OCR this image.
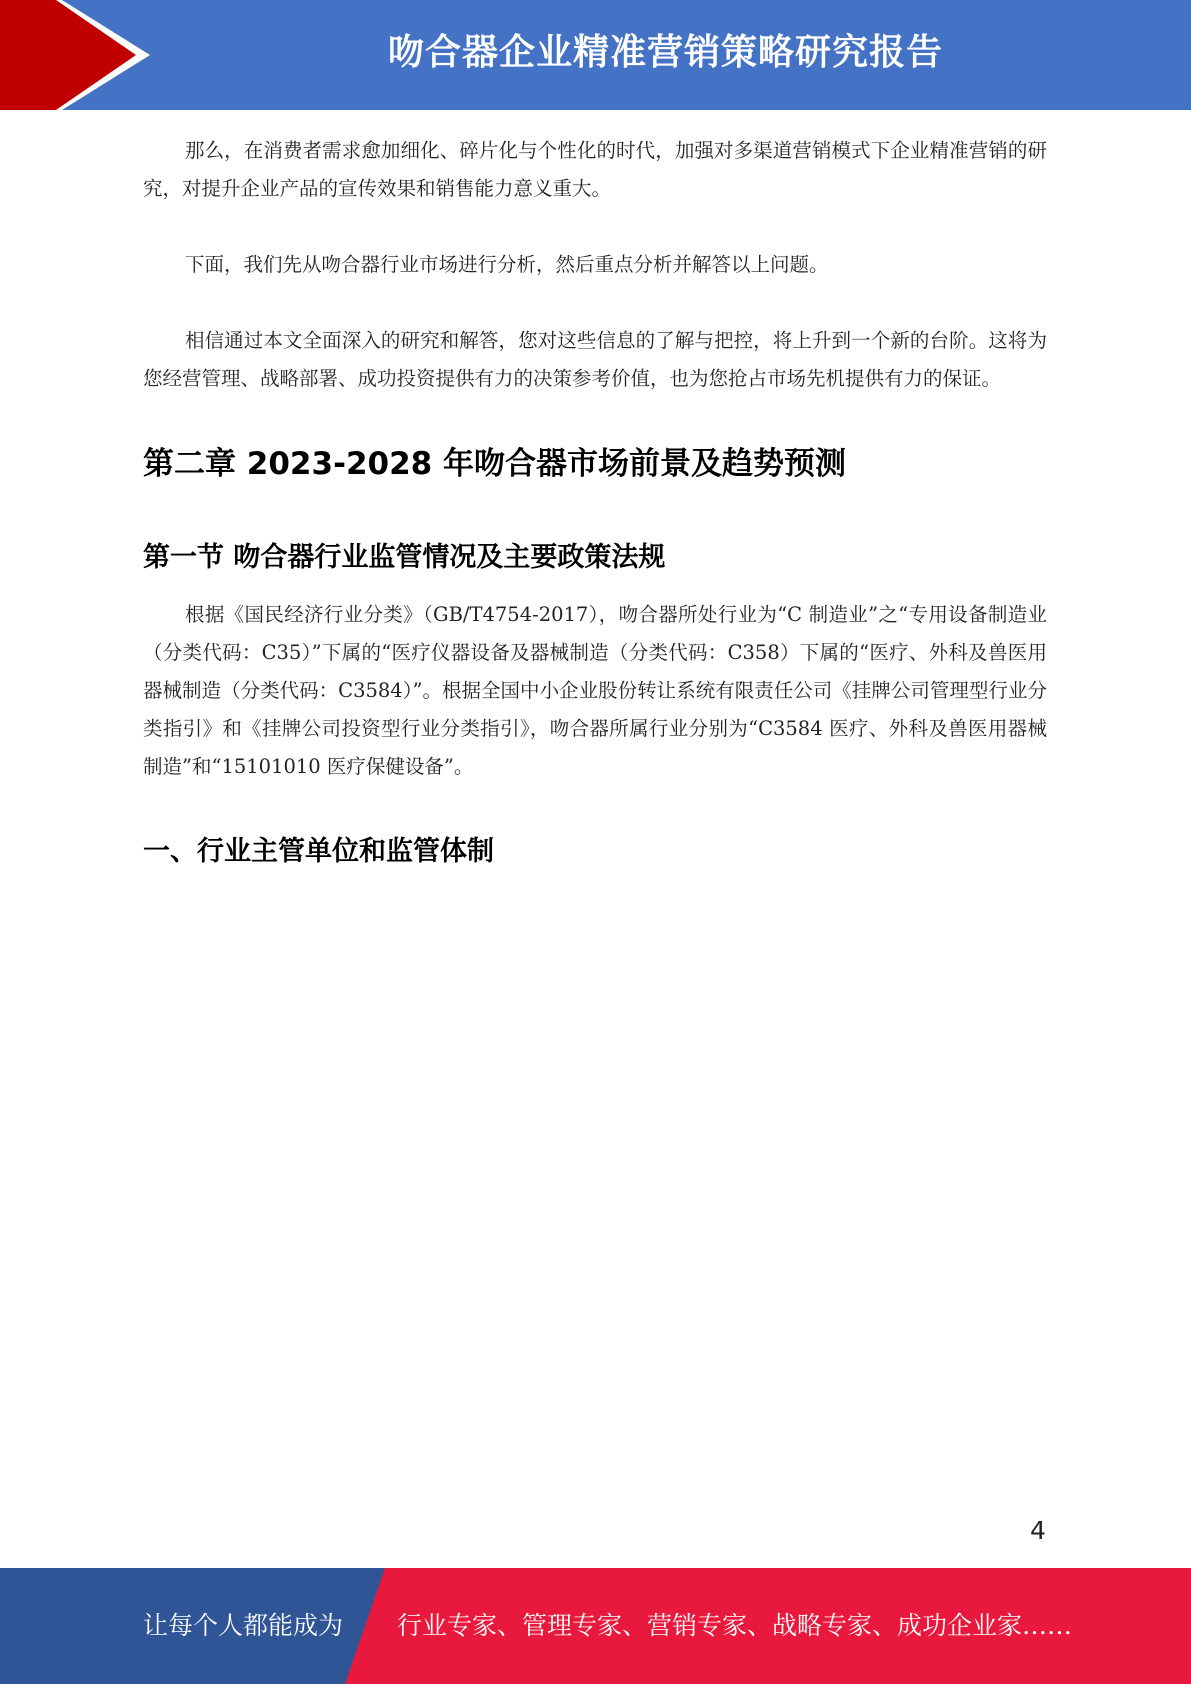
吻合器企业精准营销策略研究报告

那么，在消费者需求愈加细化、碎片化与个性化的时代，加强对多渠道营销模式下企业精准营销的研究，对提升企业产品的宣传效果和销售能力意义重大。

下面，我们先从吻合器行业市场进行分析，然后重点分析并解答以上问题。

相信通过本文全面深入的研究和解答，您对这些信息的了解与把控，将上升到一个新的台阶。这将为您经营管理、战略部署、成功投资提供有力的决策参考价值，也为您抢占市场先机提供有力的保证。

第二章 2023-2028 年吻合器市场前景及趋势预测
第一节 吻合器行业监管情况及主要政策法规

根据《国民经济行业分类》（GB/T4754-2017），吻合器所处行业为“C 制造业”之“专用设备制造业（分类代码：C35）”下属的“医疗仪器设备及器械制造（分类代码：C358）下属的“医疗、外科及兽医用器械制造（分类代码：C3584）”。根据全国中小企业股份转让系统有限责任公司《挂牌公司管理型行业分类指引》和《挂牌公司投资型行业分类指引》，吻合器所属行业分别为“C3584 医疗、外科及兽医用器械制造”和“15101010 医疗保健设备”。

一、行业主管单位和监管体制
4
让每个人都能成为 行业专家、管理专家、营销专家、战略专家、成功企业家……
